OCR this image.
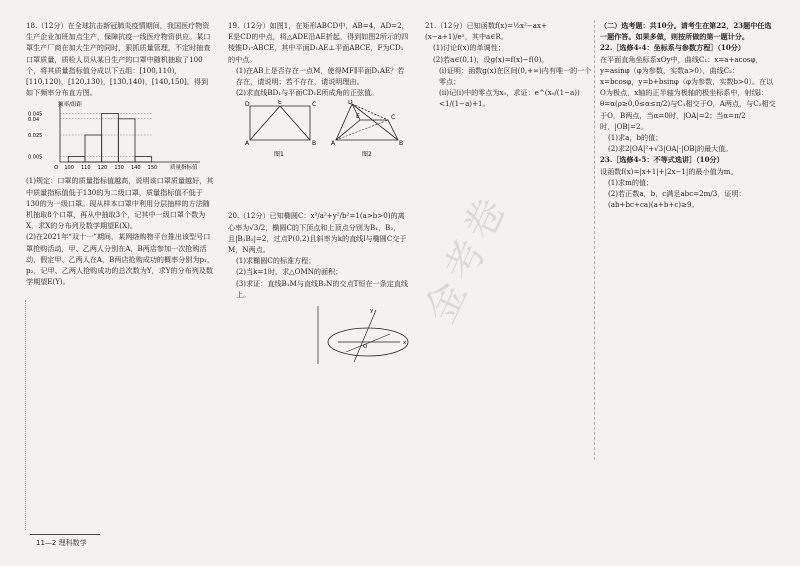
18.（12分）在全球抗击新冠肺炎疫情期间，我国医疗物资生产企业加班加点生产，保障抗疫一线医疗物资供应。某口罩生产厂商在加大生产的同时，狠抓质量管理，不定时抽查口罩质量，质检人员从某日生产的口罩中随机抽取了100个，将其质量指标值分成以下五组：[100,110)，[110,120)，[120,130)，[130,140)，[140,150]，得到如下频率分布直方图。

频率/组距
质量指标值
O 100 110 120 130 140 150
0.005
0.025
0.04
0.045

(1)规定：口罩的质量指标值越高，说明该口罩质量越好，其中质量指标值低于130的为二级口罩，质量指标值不低于130的为一级口罩。现从样本口罩中利用分层抽样的方法随机抽取8个口罩，再从中抽取3个，记其中一级口罩个数为X，求X的分布列及数学期望E(X)。

(2)在2021年“双十一”期间，某网络购物平台推出该型号口罩抢购活动，甲、乙两人分别在A，B两店参加一次抢购活动，假定甲、乙两人在A，B两店抢购成功的概率分别为p₁，p₂，记甲、乙两人抢购成功的总次数为Y，求Y的分布列及数学期望E(Y)。

19.（12分）如图1，在矩形ABCD中，AB=4，AD=2，E是CD的中点，将△ADE沿AE折起，得到如图2所示的四棱锥D₁-ABCE，其中平面D₁AE⊥平面ABCE，F为CD₁的中点。

(1)在AB上是否存在一点M，使得MF∥平面D₁AE？若存在，请说明；若不存在，请说明理由。

(2)求直线BD₁与平面CD₁E所成角的正弦值。

D	E	C
A	B
D
E	C
A	B
图1	图2

20.（12分）已知椭圆C：x²/a²+y²/b²=1(a>b>0)的离心率为√3/2，椭圆C的下顶点和上顶点分别为B₁，B₂，且|B₁B₂|=2，过点P(0,2)且斜率为k的直线l与椭圆C交于M，N两点。

(1)求椭圆C的标准方程；

(2)当k=1时，求△OMN的面积；

(3)求证：直线B₁M与直线B₂N的交点T恒在一条定直线上。

y
x
O

21.（12分）已知函数f(x)=½x²−ax+(x−a+1)/eˣ，其中a∈R。

(1)讨论f(x)的单调性；

(2)若a∈(0,1)，设g(x)=f(x)−f(0)。

(i)证明：函数g(x)在区间(0,+∞)内有唯一的一个零点；

(ii)记(i)中的零点为x₀，求证：e^(x₀/(1−a))<1/(1−a)+1。

（二）选考题：共10分。请考生在第22，23题中任选一题作答。如果多做，则按所做的第一题计分。

22.［选修4-4：坐标系与参数方程］（10分）

在平面直角坐标系xOy中，曲线C₁：x=a+acosφ，y=asinφ（φ为参数，实数a>0），曲线C₂：x=bcosφ，y=b+bsinφ（φ为参数，实数b>0）。在以O为极点，x轴的正半轴为极轴的极坐标系中，射线l：θ=α(ρ≥0,0≤α≤π/2)与C₁相交于O，A两点，与C₂相交于O，B两点，当α=0时，|OA|=2；当α=π/2时，|OB|=2。

(1)求a，b的值；

(2)求2|OA|²+√3|OA|·|OB|的最大值。

23.［选修4-5：不等式选讲］（10分）

设函数f(x)=|x+1|+|2x−1|的最小值为m。

(1)求m的值；

(2)若正数a，b，c满足abc=2m/3，证明：(ab+bc+ca)(a+b+c)≥9。

金考卷
11—2 理科数学
